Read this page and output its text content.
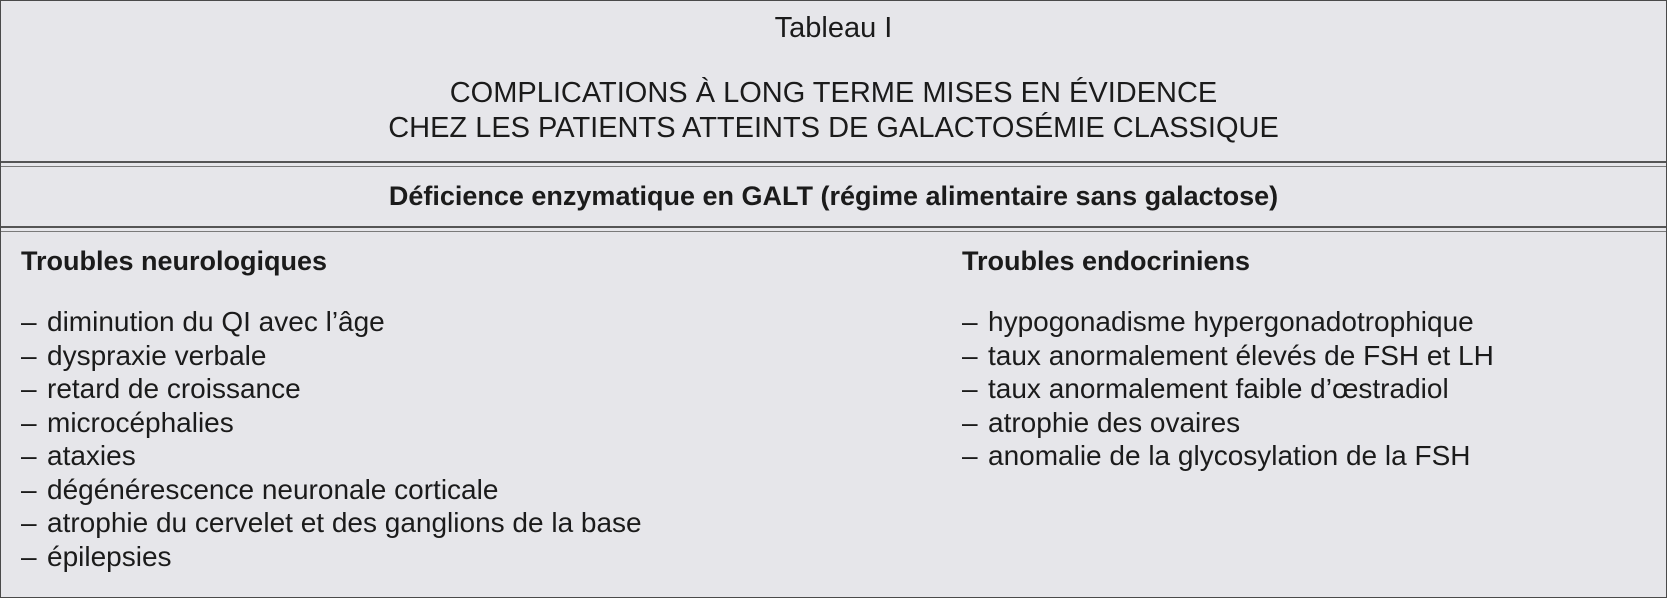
Tableau I
COMPLICATIONS À LONG TERME MISES EN ÉVIDENCE
CHEZ LES PATIENTS ATTEINTS DE GALACTOSÉMIE CLASSIQUE
Déficience enzymatique en GALT (régime alimentaire sans galactose)
Troubles neurologiques
– diminution du QI avec l’âge
– dyspraxie verbale
– retard de croissance
– microcéphalies
– ataxies
– dégénérescence neuronale corticale
– atrophie du cervelet et des ganglions de la base
– épilepsies
Troubles endocriniens
– hypogonadisme hypergonadotrophique
– taux anormalement élevés de FSH et LH
– taux anormalement faible d’œstradiol
– atrophie des ovaires
– anomalie de la glycosylation de la FSH
